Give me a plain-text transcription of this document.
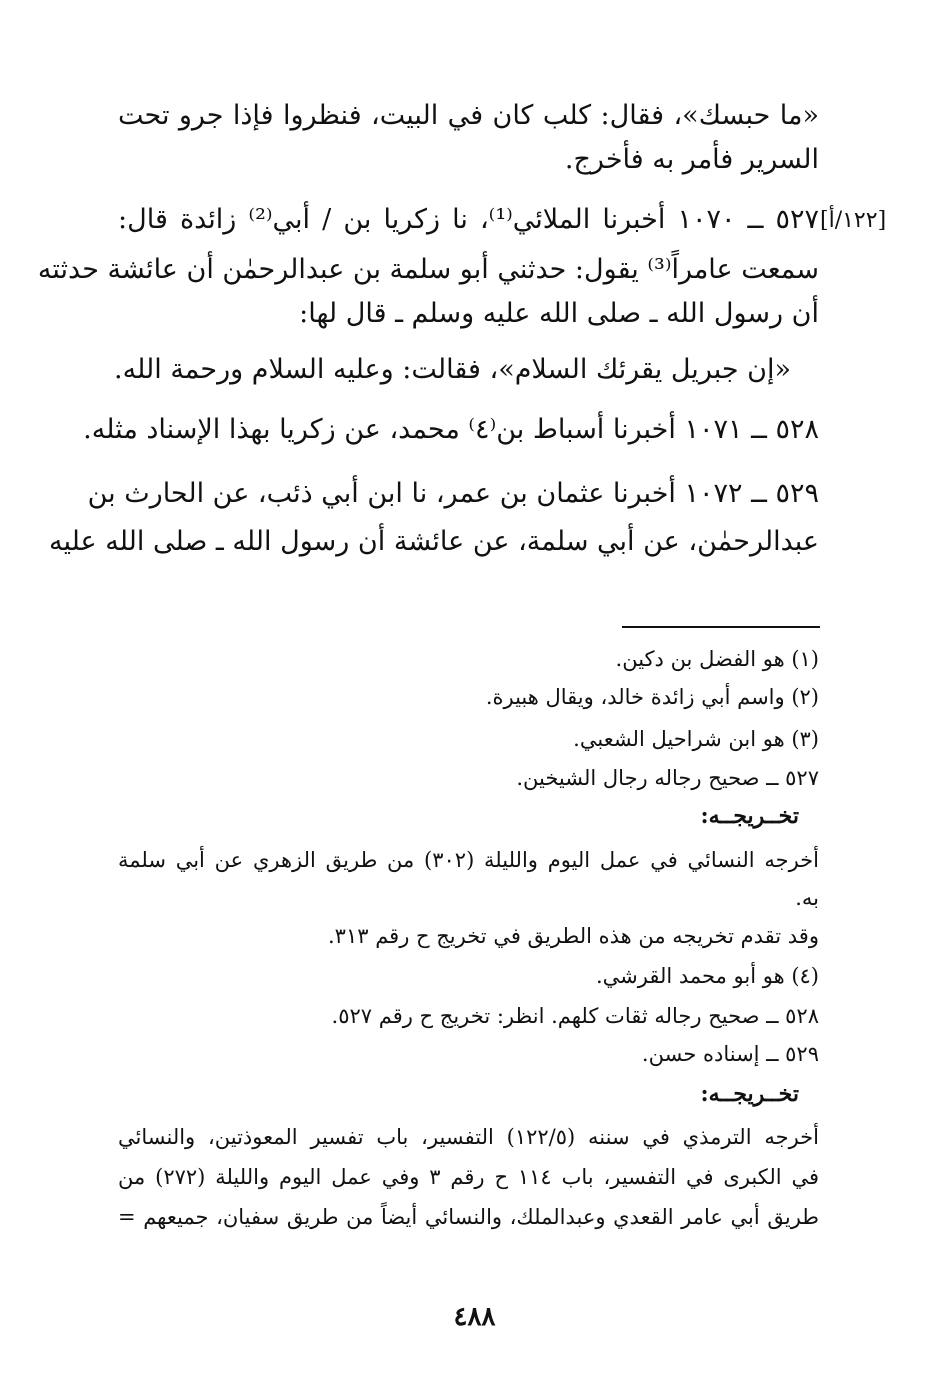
«ما حبسك»، فقال: كلب كان في البيت، فنظروا فإذا جرو تحت
السرير فأمر به فأخرج.
[١٢٢/أ]
٥٢٧ ــ ١٠٧٠ أخبرنا الملائي⁽¹⁾، نا زكريا بن / أبي⁽²⁾ زائدة قال:
سمعت عامراً⁽³⁾ يقول: حدثني أبو سلمة بن عبدالرحمٰن أن عائشة حدثته
أن رسول الله ـ صلى الله عليه وسلم ـ قال لها:
«إن جبريل يقرئك السلام»، فقالت: وعليه السلام ورحمة الله.
٥٢٨ ــ ١٠٧١ أخبرنا أسباط بن⁽٤⁾ محمد، عن زكريا بهذا الإسناد مثله.
٥٢٩ ــ ١٠٧٢ أخبرنا عثمان بن عمر، نا ابن أبي ذئب، عن الحارث بن
عبدالرحمٰن، عن أبي سلمة، عن عائشة أن رسول الله ـ صلى الله عليه
(١) هو الفضل بن دكين.
(٢) واسم أبي زائدة خالد، ويقال هبيرة.
(٣) هو ابن شراحيل الشعبي.
٥٢٧ ــ صحيح رجاله رجال الشيخين.
تخــريجــه:
أخرجه النسائي في عمل اليوم والليلة (٣٠٢) من طريق الزهري عن أبي سلمة
به.
وقد تقدم تخريجه من هذه الطريق في تخريج ح رقم ٣١٣.
(٤) هو أبو محمد القرشي.
٥٢٨ ــ صحيح رجاله ثقات كلهم. انظر: تخريج ح رقم ٥٢٧.
٥٢٩ ــ إسناده حسن.
تخــريجــه:
أخرجه الترمذي في سننه (١٢٢/٥) التفسير، باب تفسير المعوذتين، والنسائي
في الكبرى في التفسير، باب ١١٤ ح رقم ٣ وفي عمل اليوم والليلة (٢٧٢) من
طريق أبي عامر القعدي وعبدالملك، والنسائي أيضاً من طريق سفيان، جميعهم =
٤٨٨
